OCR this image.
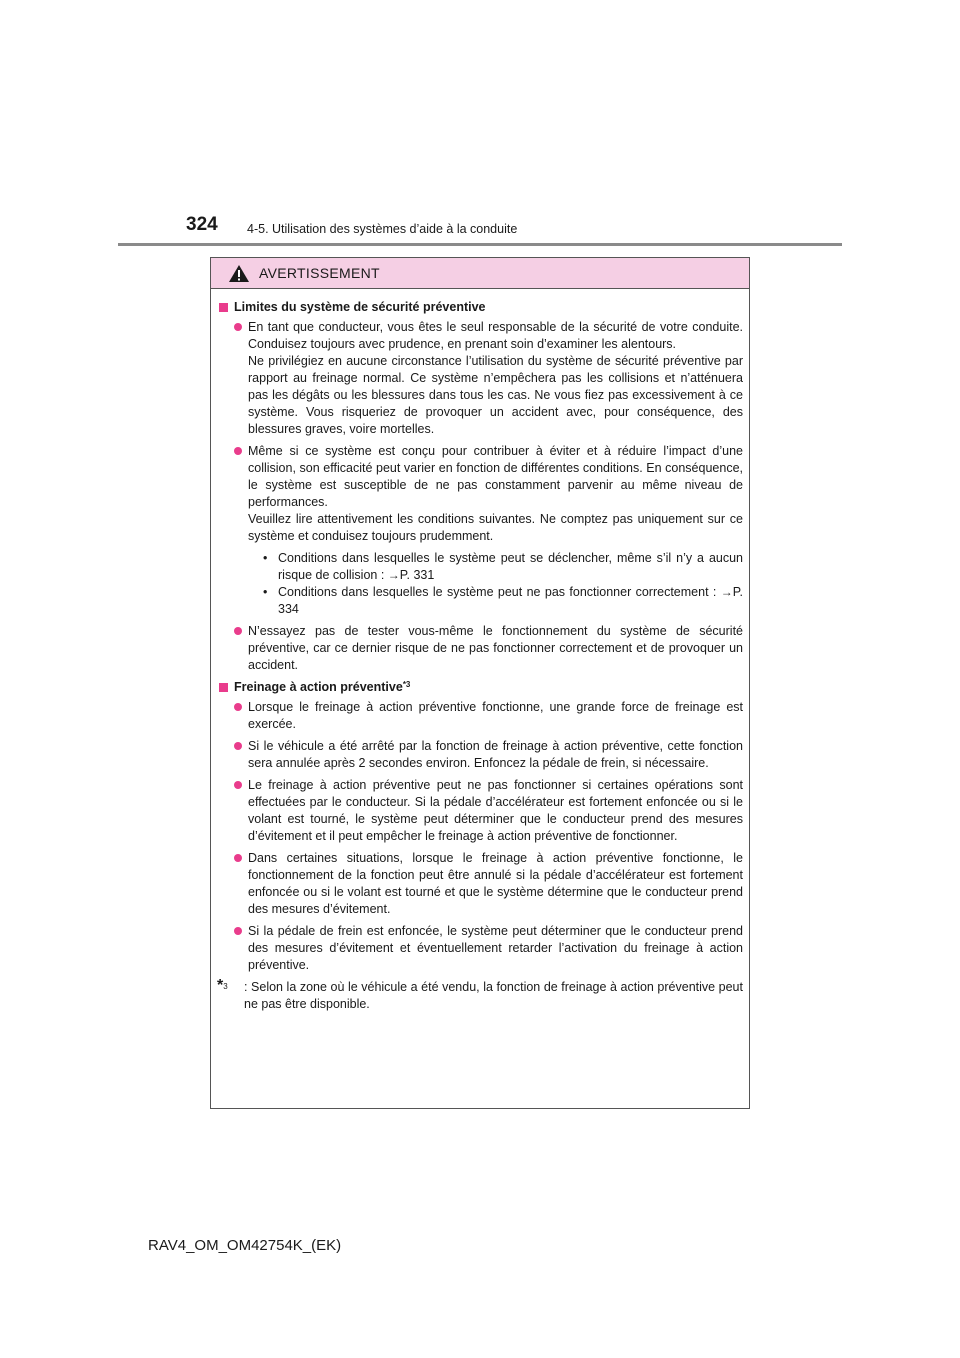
324 4-5. Utilisation des systèmes d’aide à la conduite
AVERTISSEMENT
Limites du système de sécurité préventive
En tant que conducteur, vous êtes le seul responsable de la sécurité de votre conduite. Conduisez toujours avec prudence, en prenant soin d’examiner les alentours.
Ne privilégiez en aucune circonstance l’utilisation du système de sécurité préventive par rapport au freinage normal. Ce système n’empêchera pas les collisions et n’atténuera pas les dégâts ou les blessures dans tous les cas. Ne vous fiez pas excessivement à ce système. Vous risqueriez de provoquer un accident avec, pour conséquence, des blessures graves, voire mortelles.
Même si ce système est conçu pour contribuer à éviter et à réduire l’impact d’une collision, son efficacité peut varier en fonction de différentes conditions. En conséquence, le système est susceptible de ne pas constamment parvenir au même niveau de performances.
Veuillez lire attentivement les conditions suivantes. Ne comptez pas uniquement sur ce système et conduisez toujours prudemment.
• Conditions dans lesquelles le système peut se déclencher, même s’il n’y a aucun risque de collision : →P. 331
• Conditions dans lesquelles le système peut ne pas fonctionner correctement : →P. 334
N’essayez pas de tester vous-même le fonctionnement du système de sécurité préventive, car ce dernier risque de ne pas fonctionner correctement et de provoquer un accident.
Freinage à action préventive$^{*3}$
Lorsque le freinage à action préventive fonctionne, une grande force de freinage est exercée.
Si le véhicule a été arrêté par la fonction de freinage à action préventive, cette fonction sera annulée après 2 secondes environ. Enfoncez la pédale de frein, si nécessaire.
Le freinage à action préventive peut ne pas fonctionner si certaines opérations sont effectuées par le conducteur. Si la pédale d’accélérateur est fortement enfoncée ou si le volant est tourné, le système peut déterminer que le conducteur prend des mesures d’évitement et il peut empêcher le freinage à action préventive de fonctionner.
Dans certaines situations, lorsque le freinage à action préventive fonctionne, le fonctionnement de la fonction peut être annulé si la pédale d’accélérateur est fortement enfoncée ou si le volant est tourné et que le système détermine que le conducteur prend des mesures d’évitement.
Si la pédale de frein est enfoncée, le système peut déterminer que le conducteur prend des mesures d’évitement et éventuellement retarder l’activation du freinage à action préventive.
*$^3$	: Selon la zone où le véhicule a été vendu, la fonction de freinage à action préventive peut ne pas être disponible.
RAV4_OM_OM42754K_(EK)
